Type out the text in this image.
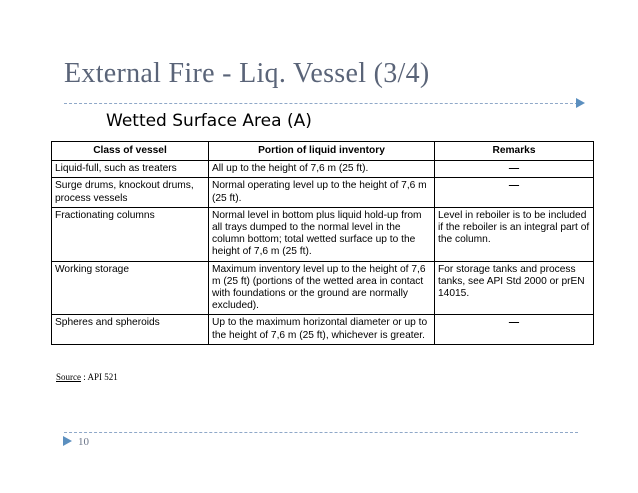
External Fire - Liq. Vessel (3/4)
Wetted Surface Area (A)
Class of vessel	Portion of liquid inventory	Remarks
Liquid-full, such as treaters	All up to the height of 7,6 m (25 ft).	—
Surge drums, knockout drums, process vessels	Normal operating level up to the height of 7,6 m (25 ft).	—
Fractionating columns	Normal level in bottom plus liquid hold-up from all trays dumped to the normal level in the column bottom; total wetted surface up to the height of 7,6 m (25 ft).	Level in reboiler is to be included if the reboiler is an integral part of the column.
Working storage	Maximum inventory level up to the height of 7,6 m (25 ft) (portions of the wetted area in contact with foundations or the ground are normally excluded).	For storage tanks and process tanks, see API Std 2000 or prEN 14015.
Spheres and spheroids	Up to the maximum horizontal diameter or up to the height of 7,6 m (25 ft), whichever is greater.	—
Source : API 521
10
